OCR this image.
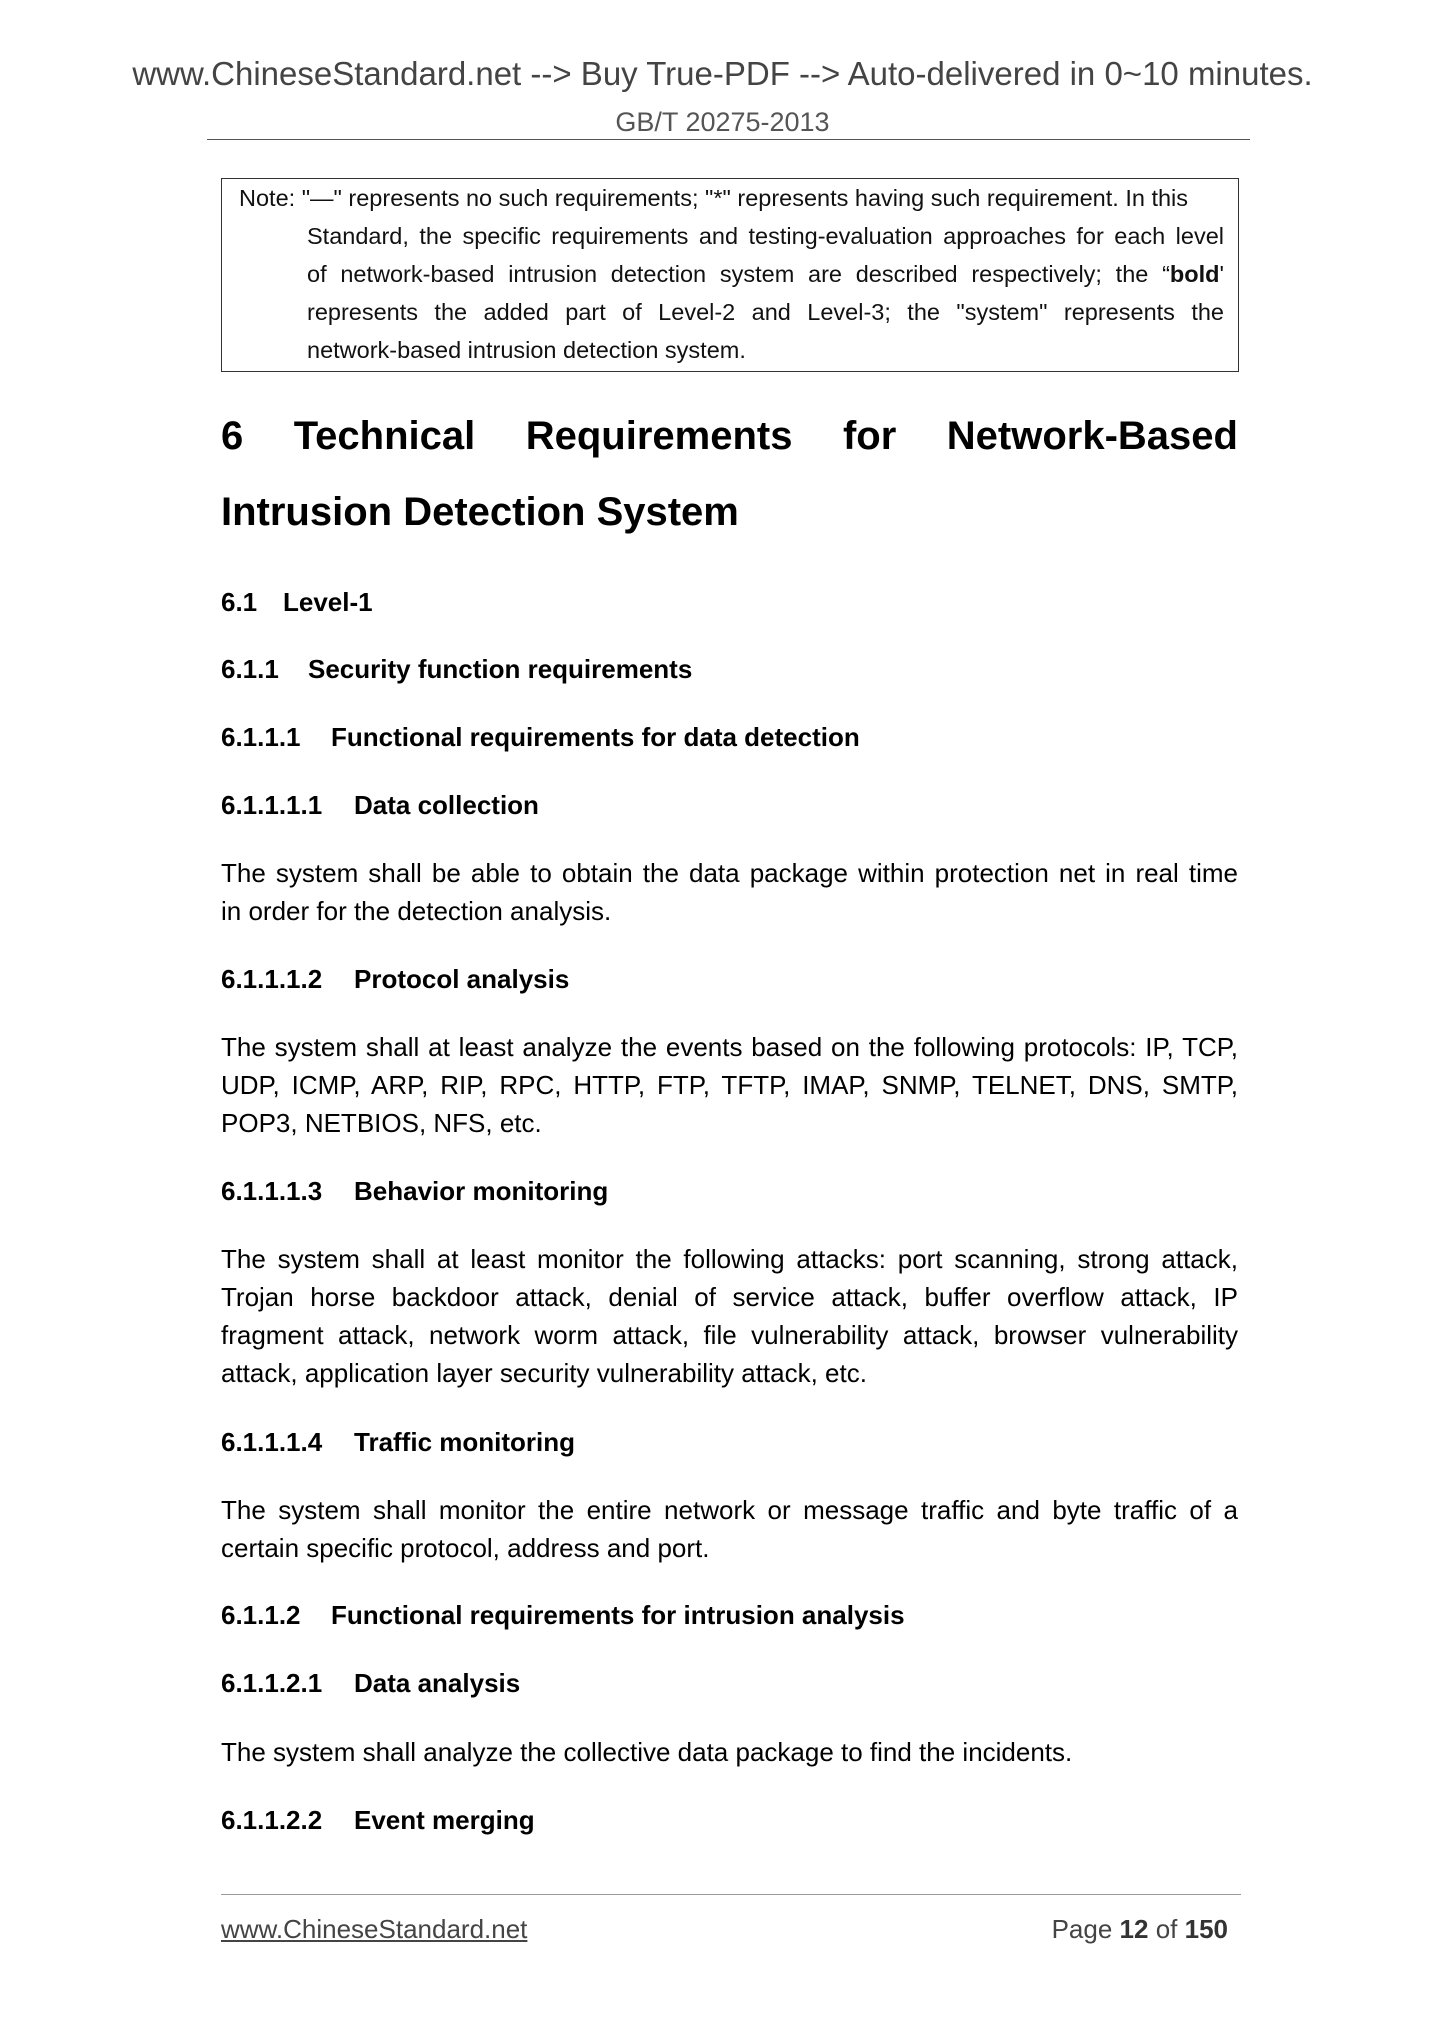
www.ChineseStandard.net --> Buy True-PDF --> Auto-delivered in 0~10 minutes.
GB/T 20275-2013
Note: "—" represents no such requirements; "*" represents having such requirement. In this
Standard, the specific requirements and testing-evaluation approaches for each level
of network-based intrusion detection system are described respectively; the “bold'
represents the added part of Level-2 and Level-3; the "system" represents the
network-based intrusion detection system.
6 Technical Requirements for Network-Based
Intrusion Detection System
6.1 Level-1
6.1.1 Security function requirements
6.1.1.1 Functional requirements for data detection
6.1.1.1.1 Data collection
The system shall be able to obtain the data package within protection net in real time
in order for the detection analysis.
6.1.1.1.2 Protocol analysis
The system shall at least analyze the events based on the following protocols: IP, TCP,
UDP, ICMP, ARP, RIP, RPC, HTTP, FTP, TFTP, IMAP, SNMP, TELNET, DNS, SMTP,
POP3, NETBIOS, NFS, etc.
6.1.1.1.3 Behavior monitoring
The system shall at least monitor the following attacks: port scanning, strong attack,
Trojan horse backdoor attack, denial of service attack, buffer overflow attack, IP
fragment attack, network worm attack, file vulnerability attack, browser vulnerability
attack, application layer security vulnerability attack, etc.
6.1.1.1.4 Traffic monitoring
The system shall monitor the entire network or message traffic and byte traffic of a
certain specific protocol, address and port.
6.1.1.2 Functional requirements for intrusion analysis
6.1.1.2.1 Data analysis
The system shall analyze the collective data package to find the incidents.
6.1.1.2.2 Event merging
www.ChineseStandard.net	Page 12 of 150
